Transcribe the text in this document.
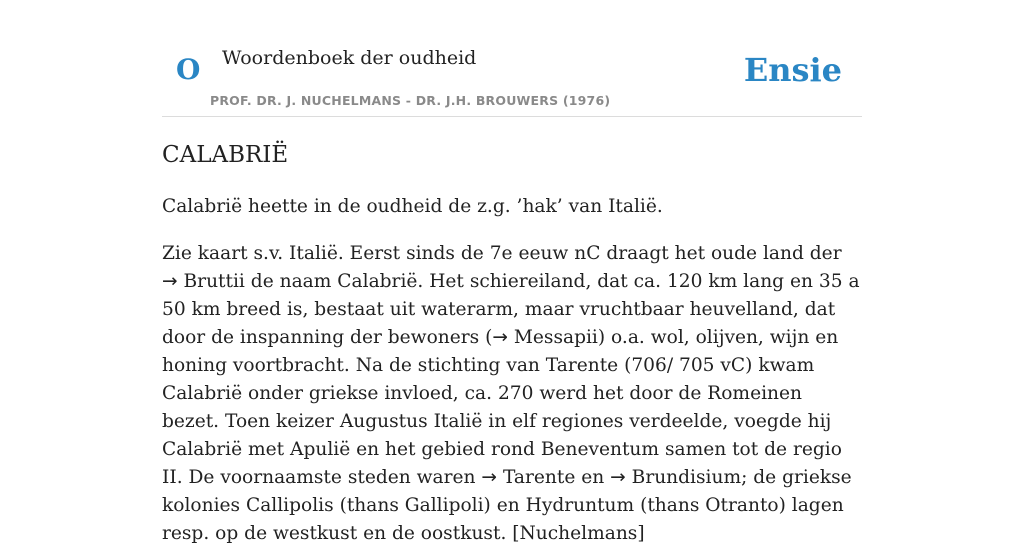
O Woordenboek der oudheid
PROF. DR. J. NUCHELMANS - DR. J.H. BROUWERS (1976)
Ensie
CALABRIË

Calabrië heette in de oudheid de z.g. ’hak’ van Italië.

Zie kaart s.v. Italië. Eerst sinds de 7e eeuw nC draagt het oude land der → Bruttii de naam Calabrië. Het schiereiland, dat ca. 120 km lang en 35 a 50 km breed is, bestaat uit waterarm, maar vruchtbaar heuvelland, dat door de inspanning der bewoners (→ Messapii) o.a. wol, olijven, wijn en honing voortbracht. Na de stichting van Tarente (706/ 705 vC) kwam Calabrië onder griekse invloed, ca. 270 werd het door de Romeinen bezet. Toen keizer Augustus Italië in elf regiones verdeelde, voegde hij Calabrië met Apulië en het gebied rond Beneventum samen tot de regio II. De voornaamste steden waren → Tarente en → Brundisium; de griekse kolonies Callipolis (thans Gallipoli) en Hydruntum (thans Otranto) lagen resp. op de westkust en de oostkust. [Nuchelmans]
